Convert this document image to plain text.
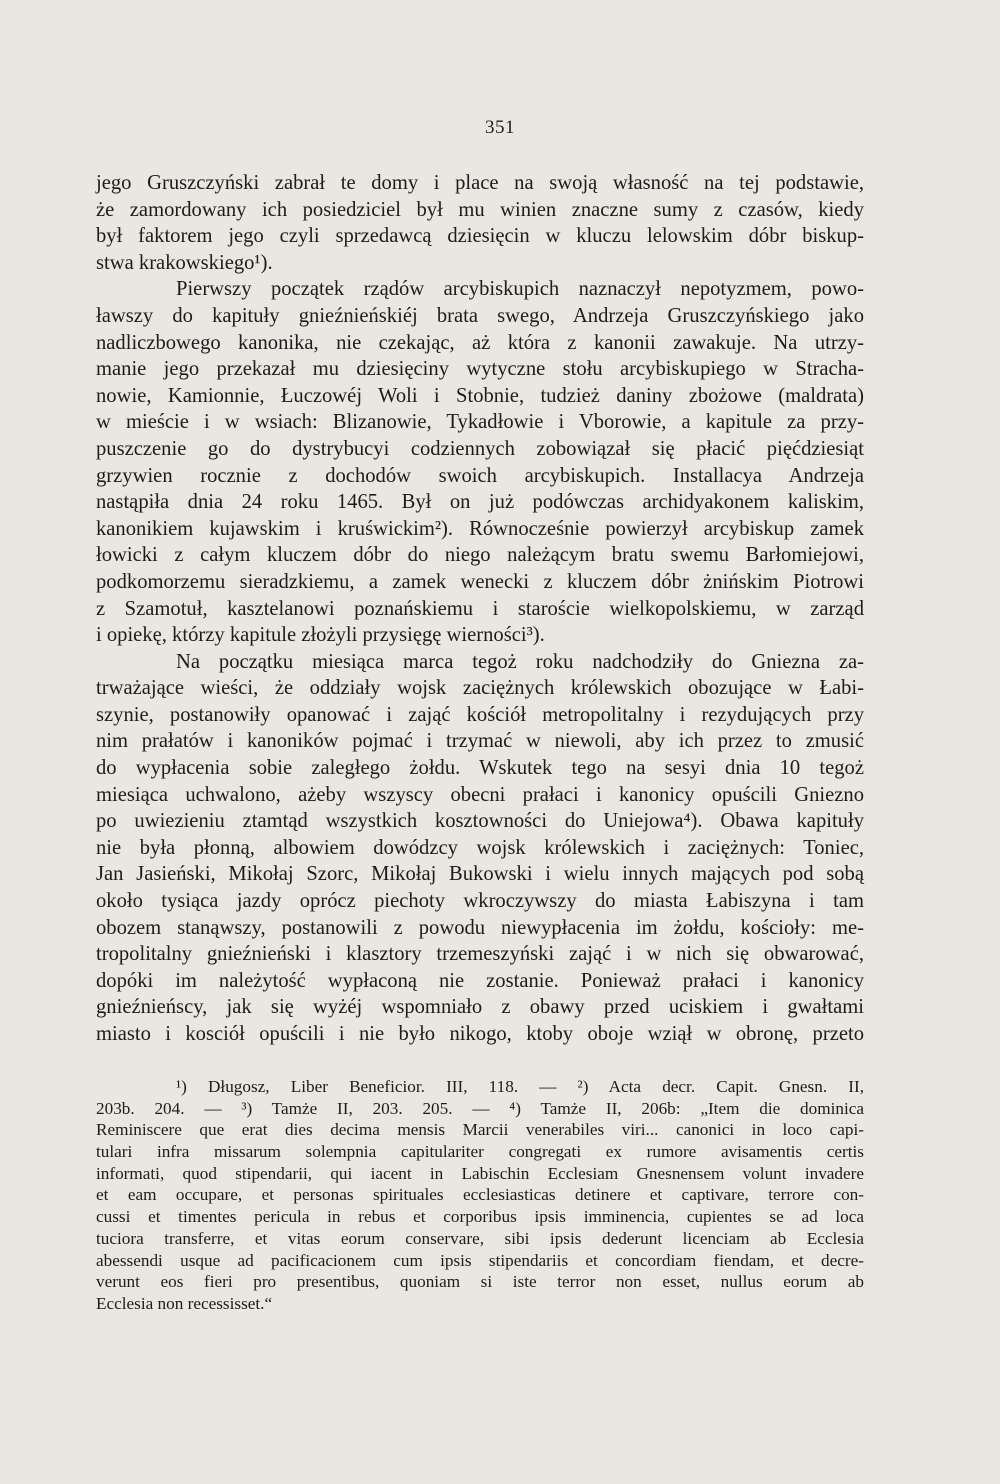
351
jego Gruszczyński zabrał te domy i place na swoją własność na tej podstawie,
że zamordowany ich posiedziciel był mu winien znaczne sumy z czasów, kiedy
był faktorem jego czyli sprzedawcą dziesięcin w kluczu lelowskim dóbr biskup-
stwa krakowskiego¹).
Pierwszy początek rządów arcybiskupich naznaczył nepotyzmem, powo-
ławszy do kapituły gnieźnieńskiéj brata swego, Andrzeja Gruszczyńskiego jako
nadliczbowego kanonika, nie czekając, aż która z kanonii zawakuje. Na utrzy-
manie jego przekazał mu dziesięciny wytyczne stołu arcybiskupiego w Stracha-
nowie, Kamionnie, Łuczowéj Woli i Stobnie, tudzież daniny zbożowe (maldrata)
w mieście i w wsiach: Blizanowie, Tykadłowie i Vborowie, a kapitule za przy-
puszczenie go do dystrybucyi codziennych zobowiązał się płacić pięćdziesiąt
grzywien rocznie z dochodów swoich arcybiskupich. Installacya Andrzeja
nastąpiła dnia 24 roku 1465. Był on już podówczas archidyakonem kaliskim,
kanonikiem kujawskim i kruświckim²). Równocześnie powierzył arcybiskup zamek
łowicki z całym kluczem dóbr do niego należącym bratu swemu Barłomiejowi,
podkomorzemu sieradzkiemu, a zamek wenecki z kluczem dóbr żnińskim Piotrowi
z Szamotuł, kasztelanowi poznańskiemu i staroście wielkopolskiemu, w zarząd
i opiekę, którzy kapitule złożyli przysięgę wierności³).
Na początku miesiąca marca tegoż roku nadchodziły do Gniezna za-
trważające wieści, że oddziały wojsk zaciężnych królewskich obozujące w Łabi-
szynie, postanowiły opanować i zająć kościół metropolitalny i rezydujących przy
nim prałatów i kanoników pojmać i trzymać w niewoli, aby ich przez to zmusić
do wypłacenia sobie zaległego żołdu. Wskutek tego na sesyi dnia 10 tegoż
miesiąca uchwalono, ażeby wszyscy obecni prałaci i kanonicy opuścili Gniezno
po uwiezieniu ztamtąd wszystkich kosztowności do Uniejowa⁴). Obawa kapituły
nie była płonną, albowiem dowódzcy wojsk królewskich i zaciężnych: Toniec,
Jan Jasieński, Mikołaj Szorc, Mikołaj Bukowski i wielu innych mających pod sobą
około tysiąca jazdy oprócz piechoty wkroczywszy do miasta Łabiszyna i tam
obozem stanąwszy, postanowili z powodu niewypłacenia im żołdu, kościoły: me-
tropolitalny gnieźnieński i klasztory trzemeszyński zająć i w nich się obwarować,
dopóki im należytość wypłaconą nie zostanie. Ponieważ prałaci i kanonicy
gnieźnieńscy, jak się wyżéj wspomniało z obawy przed uciskiem i gwałtami
miasto i kosciół opuścili i nie było nikogo, ktoby oboje wziął w obronę, przeto
¹) Długosz, Liber Beneficior. III, 118. — ²) Acta decr. Capit. Gnesn. II,
203b. 204. — ³) Tamże II, 203. 205. — ⁴) Tamże II, 206b: „Item die dominica
Reminiscere que erat dies decima mensis Marcii venerabiles viri... canonici in loco capi-
tulari infra missarum solempnia capitulariter congregati ex rumore avisamentis certis
informati, quod stipendarii, qui iacent in Labischin Ecclesiam Gnesnensem volunt invadere
et eam occupare, et personas spirituales ecclesiasticas detinere et captivare, terrore con-
cussi et timentes pericula in rebus et corporibus ipsis imminencia, cupientes se ad loca
tuciora transferre, et vitas eorum conservare, sibi ipsis dederunt licenciam ab Ecclesia
abessendi usque ad pacificacionem cum ipsis stipendariis et concordiam fiendam, et decre-
verunt eos fieri pro presentibus, quoniam si iste terror non esset, nullus eorum ab
Ecclesia non recessisset.“
